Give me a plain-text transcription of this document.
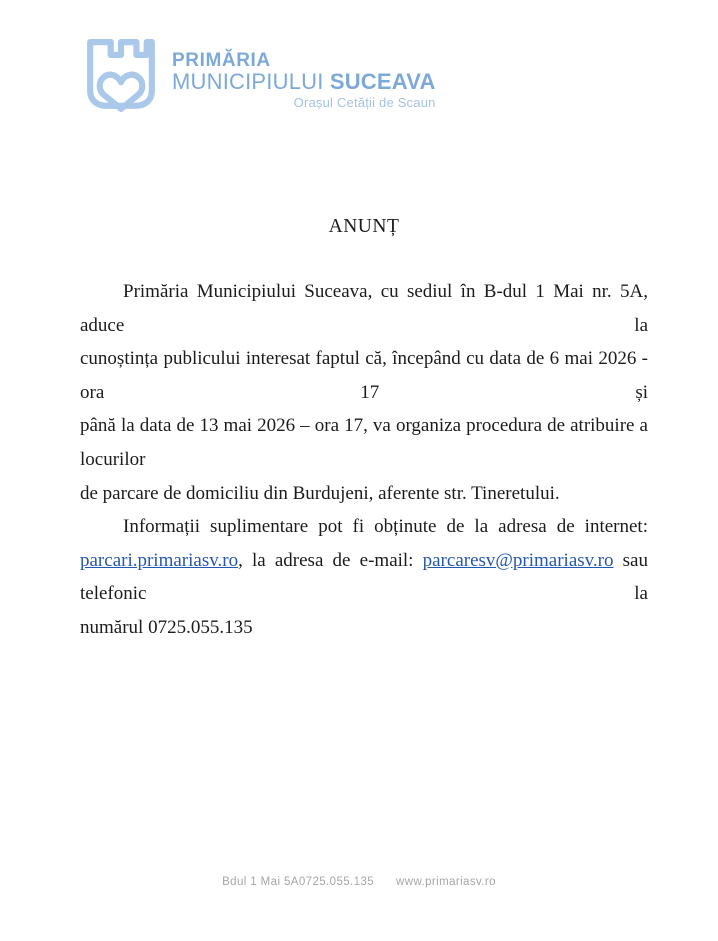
PRIMĂRIA
MUNICIPIULUI SUCEAVA
Orașul Cetății de Scaun
ANUNȚ
Primăria Municipiului Suceava, cu sediul în B-dul 1 Mai nr. 5A, aduce la
cunoștința publicului interesat faptul că, începând cu data de 6 mai 2026 - ora 17 și
până la data de 13 mai 2026 – ora 17, va organiza procedura de atribuire a locurilor
de parcare de domiciliu din Burdujeni, aferente str. Tineretului.
Informații suplimentare pot fi obținute de la adresa de internet:
parcari.primariasv.ro, la adresa de e-mail: parcaresv@primariasv.ro sau telefonic la
numărul 0725.055.135
Bdul 1 Mai 5A0725.055.135 www.primariasv.ro
